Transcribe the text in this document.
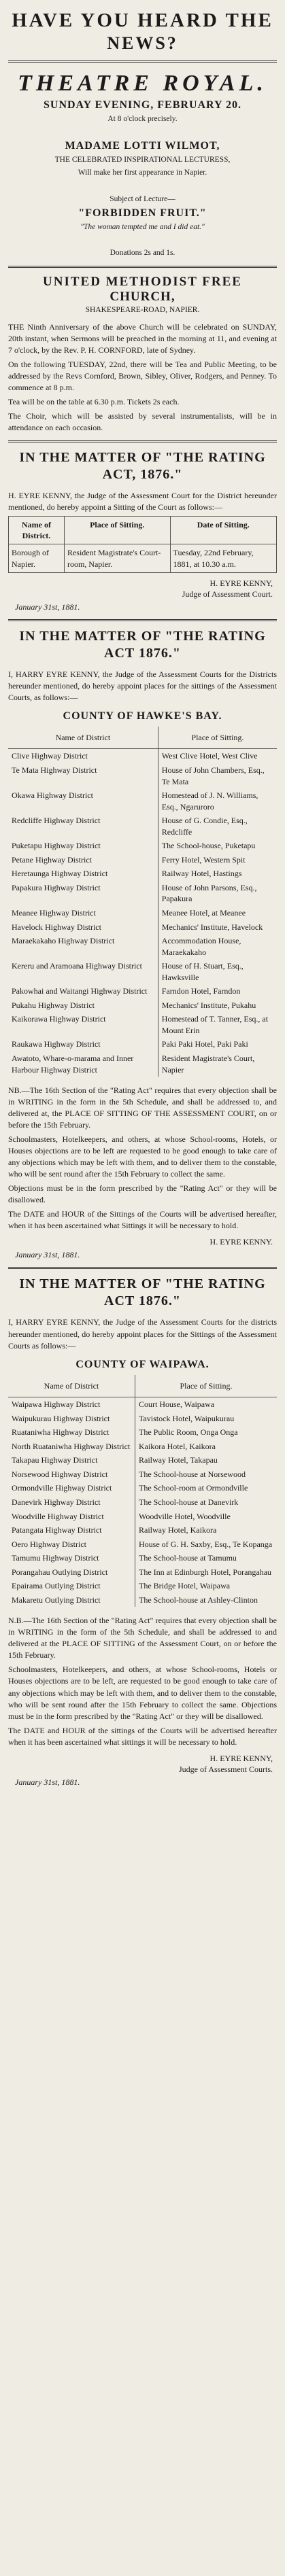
HAVE YOU HEARD THE
NEWS?
THEATRE ROYAL.
SUNDAY EVENING, FEBRUARY 20.
At 8 o'clock precisely.
MADAME LOTTI WILMOT,
THE CELEBRATED INSPIRATIONAL LECTURESS,
Will make her first appearance in Napier.
Subject of Lecture—
"FORBIDDEN FRUIT."
"The woman tempted me and I did eat."
Donations 2s and 1s.
UNITED METHODIST FREE
CHURCH,
SHAKESPEARE-ROAD, NAPIER.

THE Ninth Anniversary of the above Church will be celebrated on SUNDAY, 20th instant, when Sermons will be preached in the morning at 11, and evening at 7 o'clock, by the Rev. P. H. CORNFORD, late of Sydney.

On the following TUESDAY, 22nd, there will be Tea and Public Meeting, to be addressed by the Revs Cornford, Brown, Sibley, Oliver, Rodgers, and Penney. To commence at 8 p.m.

Tea will be on the table at 6.30 p.m. Tickets 2s each.

The Choir, which will be assisted by several instrumentalists, will be in attendance on each occasion.

IN THE MATTER OF "THE RATING ACT, 1876."

H. EYRE KENNY, the Judge of the Assessment Court for the District hereunder mentioned, do hereby appoint a Sitting of the Court as follows:—

Name of District.	Place of Sitting.	Date of Sitting.
Borough of Napier.	Resident Magistrate's Court-room, Napier.	Tuesday, 22nd February, 1881, at 10.30 a.m.
H. EYRE KENNY,
Judge of Assessment Court.
January 31st, 1881.
IN THE MATTER OF "THE RATING ACT 1876."

I, HARRY EYRE KENNY, the Judge of the Assessment Courts for the Districts hereunder mentioned, do hereby appoint places for the sittings of the Assessment Courts, as follows:—

COUNTY OF HAWKE'S BAY.
Name of District	Place of Sitting.
Clive Highway District	West Clive Hotel, West Clive
Te Mata Highway District	House of John Chambers, Esq., Te Mata
Okawa Highway District	Homestead of J. N. Williams, Esq., Ngaruroro
Redcliffe Highway District	House of G. Condie, Esq., Redcliffe
Puketapu Highway District	The School-house, Puketapu
Petane Highway District	Ferry Hotel, Western Spit
Heretaunga Highway District	Railway Hotel, Hastings
Papakura Highway District	House of John Parsons, Esq., Papakura
Meanee Highway District	Meanee Hotel, at Meanee
Havelock Highway District	Mechanics' Institute, Havelock
Maraekakaho Highway District	Accommodation House, Maraekakaho
Kereru and Aramoana Highway District	House of H. Stuart, Esq., Hawksville
Pakowhai and Waitangi Highway District	Farndon Hotel, Farndon
Pukahu Highway District	Mechanics' Institute, Pukahu
Kaikorawa Highway District	Homestead of T. Tanner, Esq., at Mount Erin
Raukawa Highway District	Paki Paki Hotel, Paki Paki
Awatoto, Whare-o-marama and Inner Harbour Highway District	Resident Magistrate's Court, Napier

NB.—The 16th Section of the "Rating Act" requires that every objection shall be in WRITING in the form in the 5th Schedule, and shall be addressed to, and delivered at, the PLACE OF SITTING OF THE ASSESSMENT COURT, on or before the 15th February.

Schoolmasters, Hotelkeepers, and others, at whose School-rooms, Hotels, or Houses objections are to be left are requested to be good enough to take care of any objections which may be left with them, and to deliver them to the constable, who will be sent round after the 15th February to collect the same.

Objections must be in the form prescribed by the "Rating Act" or they will be disallowed.

The DATE and HOUR of the Sittings of the Courts will be advertised hereafter, when it has been ascertained what Sittings it will be necessary to hold.

H. EYRE KENNY.
January 31st, 1881.
IN THE MATTER OF "THE RATING ACT 1876."

I, HARRY EYRE KENNY, the Judge of the Assessment Courts for the districts hereunder mentioned, do hereby appoint places for the Sittings of the Assessment Courts as follows:—

COUNTY OF WAIPAWA.
Name of District	Place of Sitting.
Waipawa Highway District	Court House, Waipawa
Waipukurau Highway District	Tavistock Hotel, Waipukurau
Ruataniwha Highway District	The Public Room, Onga Onga
North Ruataniwha Highway District	Kaikora Hotel, Kaikora
Takapau Highway District	Railway Hotel, Takapau
Norsewood Highway District	The School-house at Norsewood
Ormondville Highway District	The School-room at Ormondville
Danevirk Highway District	The School-house at Danevirk
Woodville Highway District	Woodville Hotel, Woodville
Patangata Highway District	Railway Hotel, Kaikora
Oero Highway District	House of G. H. Saxby, Esq., Te Kopanga
Tamumu Highway District	The School-house at Tamumu
Porangahau Outlying District	The Inn at Edinburgh Hotel, Porangahau
Epairama Outlying District	The Bridge Hotel, Waipawa
Makaretu Outlying District	The School-house at Ashley-Clinton

N.B.—The 16th Section of the "Rating Act" requires that every objection shall be in WRITING in the form of the 5th Schedule, and shall be addressed to and delivered at the PLACE OF SITTING of the Assessment Court, on or before the 15th February.

Schoolmasters, Hotelkeepers, and others, at whose School-rooms, Hotels or Houses objections are to be left, are requested to be good enough to take care of any objections which may be left with them, and to deliver them to the constable, who will be sent round after the 15th February to collect the same. Objections must be in the form prescribed by the "Rating Act" or they will be disallowed.

The DATE and HOUR of the sittings of the Courts will be advertised hereafter when it has been ascertained what sittings it will be necessary to hold.

H. EYRE KENNY,
Judge of Assessment Courts.
January 31st, 1881.
